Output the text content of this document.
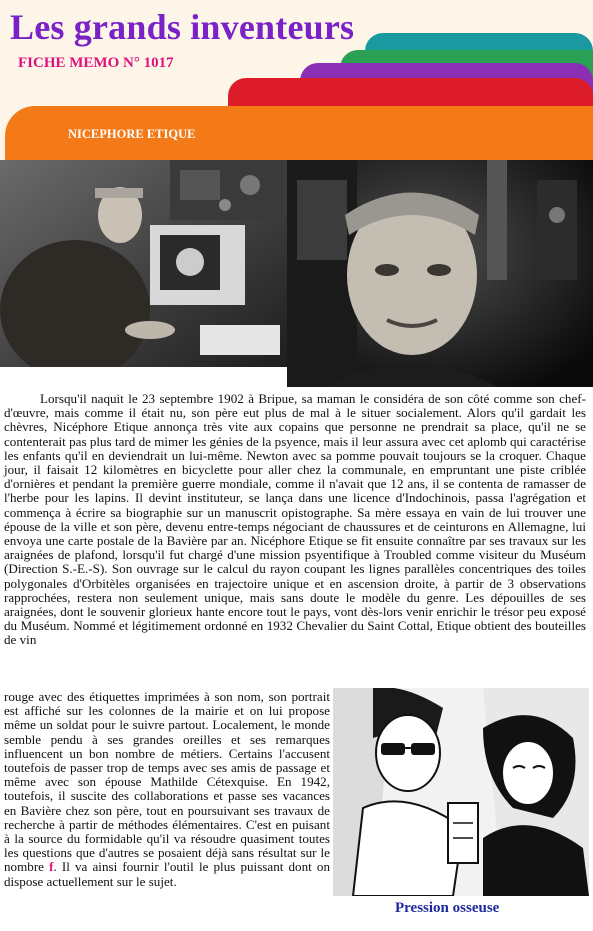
Les grands inventeurs
FICHE MEMO N° 1017
NICEPHORE ETIQUE

Lorsqu'il naquit le 23 septembre 1902 à Bripue, sa maman le considéra de son côté comme son chef-d'œuvre, mais comme il était nu, son père eut plus de mal à le situer socialement. Alors qu'il gardait les chèvres, Nicéphore Etique annonça très vite aux copains que personne ne prendrait sa place, qu'il ne se contenterait pas plus tard de mimer les génies de la psyence, mais il leur assura avec cet aplomb qui caractérise les enfants qu'il en deviendrait un lui-même. Newton avec sa pomme pouvait toujours se la croquer. Chaque jour, il faisait 12 kilomètres en bicyclette pour aller chez la communale, en empruntant une piste criblée d'ornières et pendant la première guerre mondiale, comme il n'avait que 12 ans, il se contenta de ramasser de l'herbe pour les lapins. Il devint instituteur, se lança dans une licence d'Indochinois, passa l'agrégation et commença à écrire sa biographie sur un manuscrit opistographe. Sa mère essaya en vain de lui trouver une épouse de la ville et son père, devenu entre-temps négociant de chaussures et de ceinturons en Allemagne, lui envoya une carte postale de la Bavière par an. Nicéphore Etique se fit ensuite connaître par ses travaux sur les araignées de plafond, lorsqu'il fut chargé d'une mission psyentifique à Troubled comme visiteur du Muséum (Direction S.-E.-S). Son ouvrage sur le calcul du rayon coupant les lignes parallèles concentriques des toiles polygonales d'Orbitèles organisées en trajectoire unique et en ascension droite, à partir de 3 observations rapprochées, restera non seulement unique, mais sans doute le modèle du genre. Les dépouilles de ses araignées, dont le souvenir glorieux hante encore tout le pays, vont dès-lors venir enrichir le trésor peu exposé du Muséum. Nommé et légitimement ordonné en 1932 Chevalier du Saint Cottal, Etique obtient des bouteilles de vin

rouge avec des étiquettes imprimées à son nom, son portrait est affiché sur les colonnes de la mairie et on lui propose même un soldat pour le suivre partout. Localement, le monde semble pendu à ses grandes oreilles et ses remarques influencent un bon nombre de métiers. Certains l'accusent toutefois de passer trop de temps avec ses amis de passage et même avec son épouse Mathilde Cétexquise. En 1942, toutefois, il suscite des collaborations et passe ses vacances en Bavière chez son père, tout en poursuivant ses travaux de recherche à partir de méthodes élémentaires. C'est en puisant à la source du formidable qu'il va résoudre quasiment toutes les questions que d'autres se posaient déjà sans résultat sur le nombre f. Il va ainsi fournir l'outil le plus puissant dont on dispose actuellement sur le sujet.

Pression osseuse
